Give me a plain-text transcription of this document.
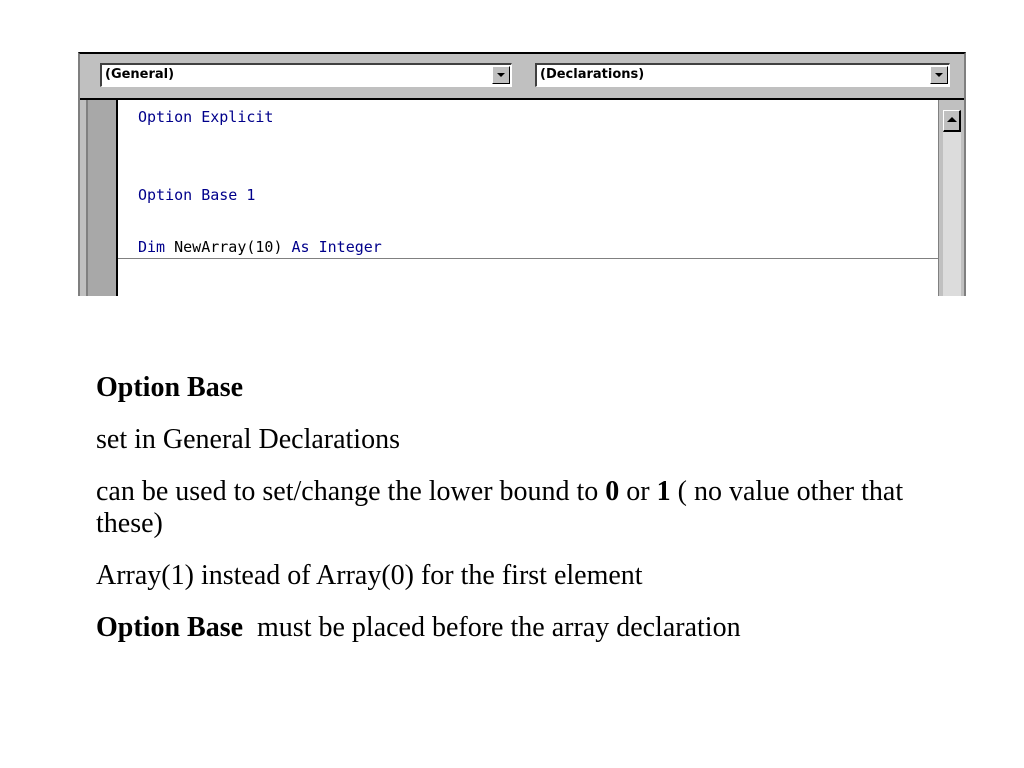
(General)	(Declarations)
Option Explicit
Option Base 1
Dim NewArray(10) As Integer

Option Base

set in General Declarations

can be used to set/change the lower bound to 0 or 1 ( no value other that these)

Array(1) instead of Array(0) for the first element

Option Base  must be placed before the array declaration
